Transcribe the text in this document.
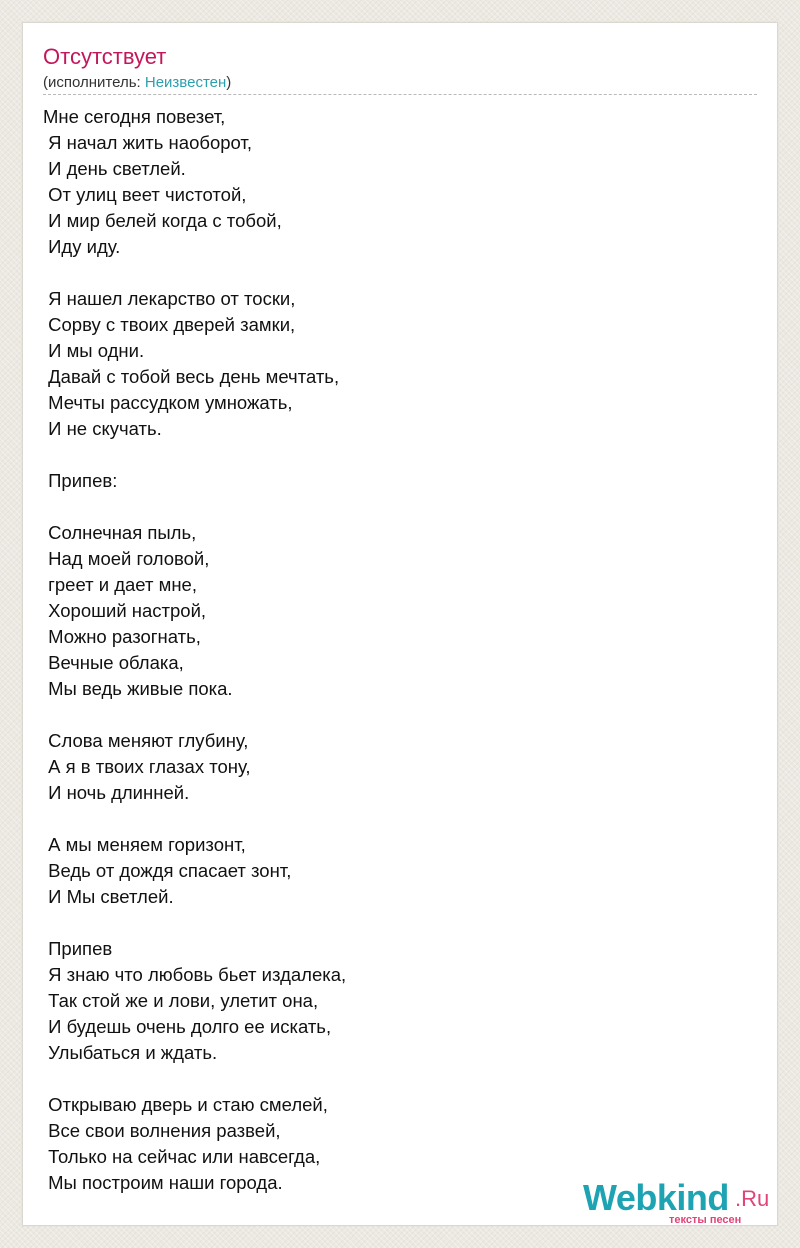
Отсутствует
(исполнитель: Неизвестен)
Мне сегодня повезет,
Я начал жить наоборот,
И день светлей.
От улиц веет чистотой,
И мир белей когда с тобой,
Иду иду.

Я нашел лекарство от тоски,
Сорву с твоих дверей замки,
И мы одни.
Давай с тобой весь день мечтать,
Мечты рассудком умножать,
И не скучать.

Припев:

Солнечная пыль,
Над моей головой,
греет и дает мне,
Хороший настрой,
Можно разогнать,
Вечные облака,
Мы ведь живые пока.

Слова меняют глубину,
А я в твоих глазах тону,
И ночь длинней.

А мы меняем горизонт,
Ведь от дождя спасает зонт,
И Мы светлей.

Припев
Я знаю что любовь бьет издалека,
Так стой же и лови, улетит она,
И будешь очень долго ее искать,
Улыбаться и ждать.

Открываю дверь и стаю смелей,
Все свои волнения развей,
Только на сейчас или навсегда,
Мы построим наши города.	Webkind .Ru
тексты песен
